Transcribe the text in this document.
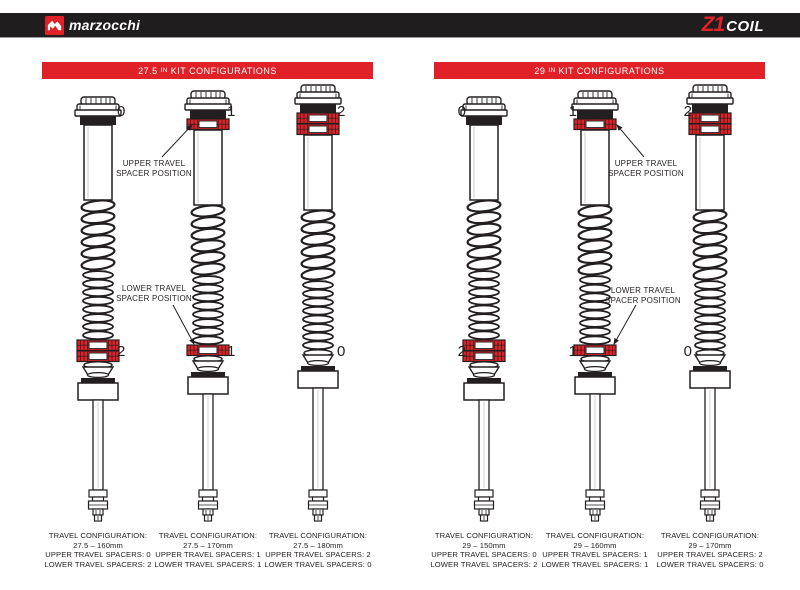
marzocchi	Z1 COIL
27.5 IN KIT CONFIGURATIONS	29 IN KIT CONFIGURATIONS
0	1	2
2	1	0
0	1	2
2	1	0
UPPER TRAVEL
SPACER POSITION
LOWER TRAVEL
SPACER POSITION
UPPER TRAVEL
SPACER POSITION
LOWER TRAVEL
SPACER POSITION
TRAVEL CONFIGURATION:
27.5 – 160mm
UPPER TRAVEL SPACERS: 0
LOWER TRAVEL SPACERS: 2
TRAVEL CONFIGURATION:
27.5 – 170mm
UPPER TRAVEL SPACERS: 1
LOWER TRAVEL SPACERS: 1
TRAVEL CONFIGURATION:
27.5 – 180mm
UPPER TRAVEL SPACERS: 2
LOWER TRAVEL SPACERS: 0
TRAVEL CONFIGURATION:
29 – 150mm
UPPER TRAVEL SPACERS: 0
LOWER TRAVEL SPACERS: 2
TRAVEL CONFIGURATION:
29 – 160mm
UPPER TRAVEL SPACERS: 1
LOWER TRAVEL SPACERS: 1
TRAVEL CONFIGURATION:
29 – 170mm
UPPER TRAVEL SPACERS: 2
LOWER TRAVEL SPACERS: 0
